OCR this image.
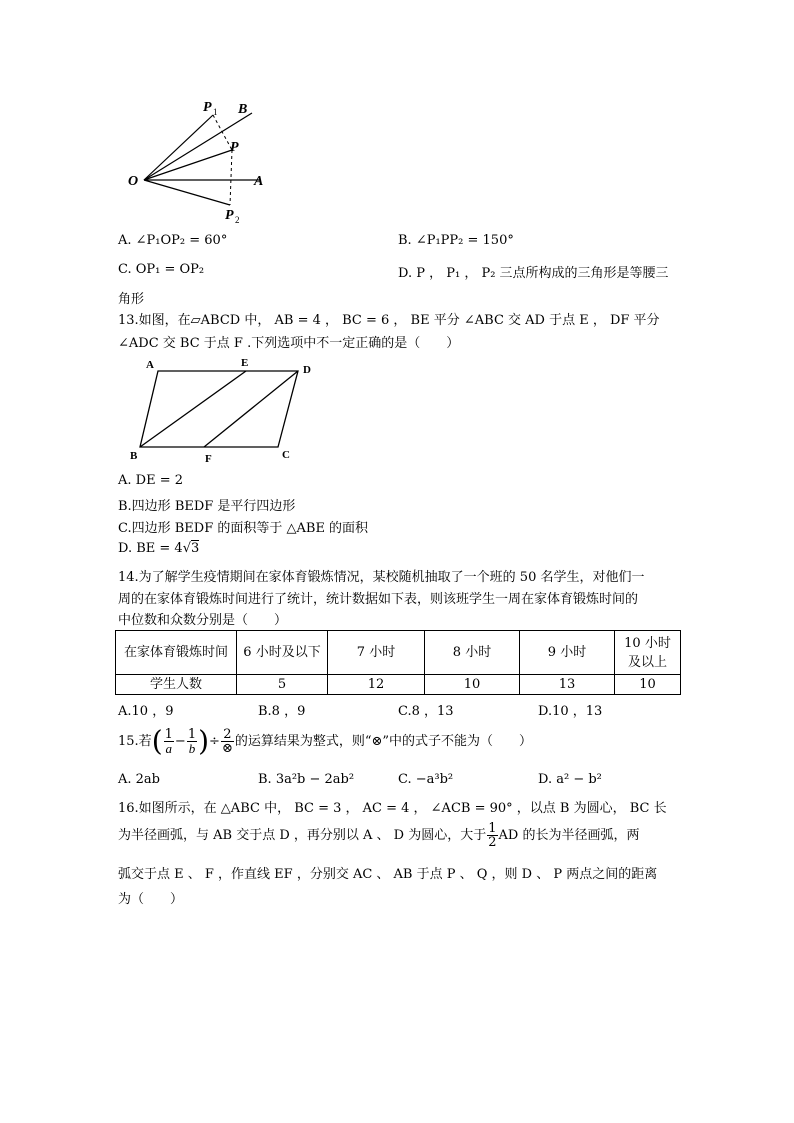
P 1 B
P
O	A
P 2
A. ∠P₁OP₂ = 60°	B. ∠P₁PP₂ = 150°
C. OP₁ = OP₂	D. P ， P₁ ， P₂ 三点所构成的三角形是等腰三
角形
13.如图，在▱ABCD 中， AB = 4 ， BC = 6 ， BE 平分 ∠ABC 交 AD 于点 E ， DF 平分
∠ADC 交 BC 于点 F .下列选项中不一定正确的是（　　）
A	E
D
B	F	C
A. DE = 2
B.四边形 BEDF 是平行四边形
C.四边形 BEDF 的面积等于 △ABE 的面积
D. BE = 4√3
14.为了解学生疫情期间在家体育锻炼情况，某校随机抽取了一个班的 50 名学生，对他们一
周的在家体育锻炼时间进行了统计，统计数据如下表，则该班学生一周在家体育锻炼时间的
中位数和众数分别是（　　）
在家体育锻炼时间	6 小时及以下	7 小时	8 小时	9 小时	10 小时及以上
学生人数	5	12	10	13	10
A.10 ，9	B.8 ，9	C.8 ，13	D.10 ，13
15.若( $\frac{1}{a} - \frac{1}{b}$ )÷ $\frac{2}{\otimes}$ 的运算结果为整式，则“⊗”中的式子不能为（　　）
A. 2ab	B. 3a²b − 2ab²	C. −a³b²	D. a² − b²
16.如图所示，在 △ABC 中， BC = 3 ， AC = 4 ， ∠ACB = 90° ，以点 B 为圆心， BC 长
为半径画弧，与 AB 交于点 D ，再分别以 A 、 D 为圆心，大于 $\frac{1}{2}$ AD 的长为半径画弧，两
弧交于点 E 、 F ，作直线 EF ，分别交 AC 、 AB 于点 P 、 Q ，则 D 、 P 两点之间的距离
为（　　）
